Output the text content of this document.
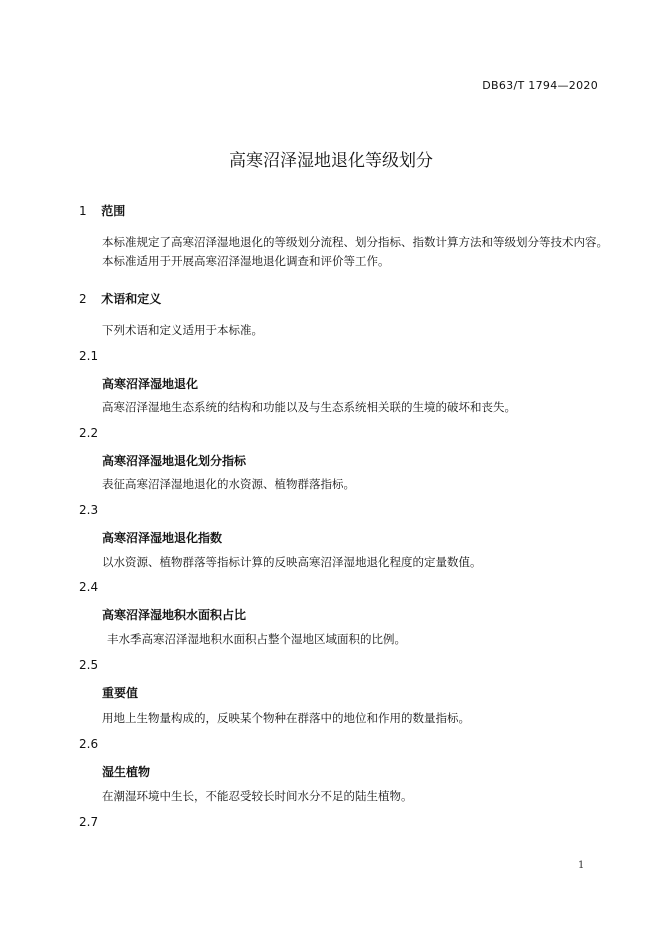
DB63/T 1794—2020
高寒沼泽湿地退化等级划分
1 范围
本标准规定了高寒沼泽湿地退化的等级划分流程、划分指标、指数计算方法和等级划分等技术内容。
本标准适用于开展高寒沼泽湿地退化调查和评价等工作。
2 术语和定义
下列术语和定义适用于本标准。
2.1
高寒沼泽湿地退化
高寒沼泽湿地生态系统的结构和功能以及与生态系统相关联的生境的破坏和丧失。
2.2
高寒沼泽湿地退化划分指标
表征高寒沼泽湿地退化的水资源、植物群落指标。
2.3
高寒沼泽湿地退化指数
以水资源、植物群落等指标计算的反映高寒沼泽湿地退化程度的定量数值。
2.4
高寒沼泽湿地积水面积占比
丰水季高寒沼泽湿地积水面积占整个湿地区域面积的比例。
2.5
重要值
用地上生物量构成的，反映某个物种在群落中的地位和作用的数量指标。
2.6
湿生植物
在潮湿环境中生长，不能忍受较长时间水分不足的陆生植物。
2.7
1
